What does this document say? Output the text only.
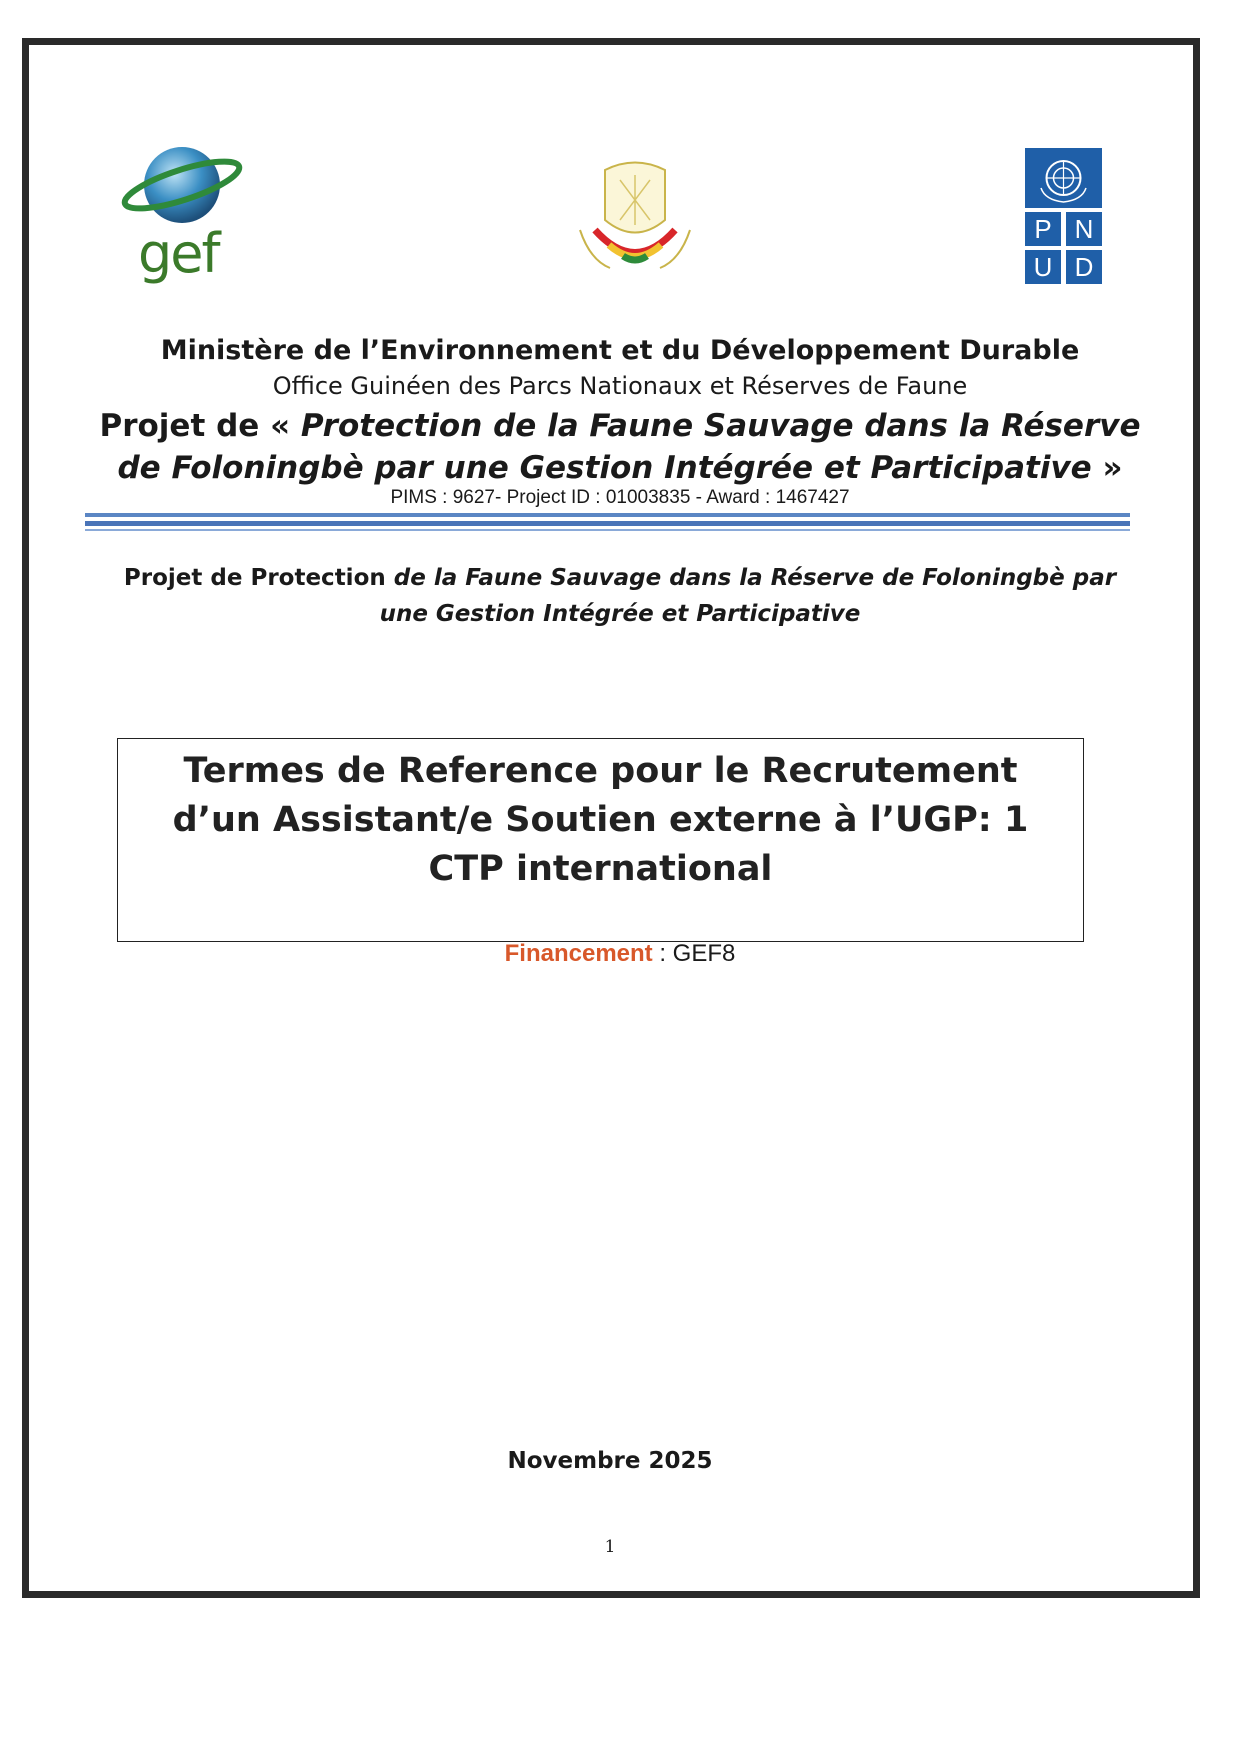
gef	P N
U D
Ministère de l’Environnement et du Développement Durable
Office Guinéen des Parcs Nationaux et Réserves de Faune
Projet de « Protection de la Faune Sauvage dans la Réserve
de Foloningbè par une Gestion Intégrée et Participative »
PIMS : 9627- Project ID : 01003835 - Award : 1467427
Projet de Protection de la Faune Sauvage dans la Réserve de Foloningbè par une Gestion Intégrée et Participative
Termes de Reference pour le Recrutement d’un Assistant/e Soutien externe à l’UGP: 1 CTP international
Financement : GEF8
Novembre 2025
1
